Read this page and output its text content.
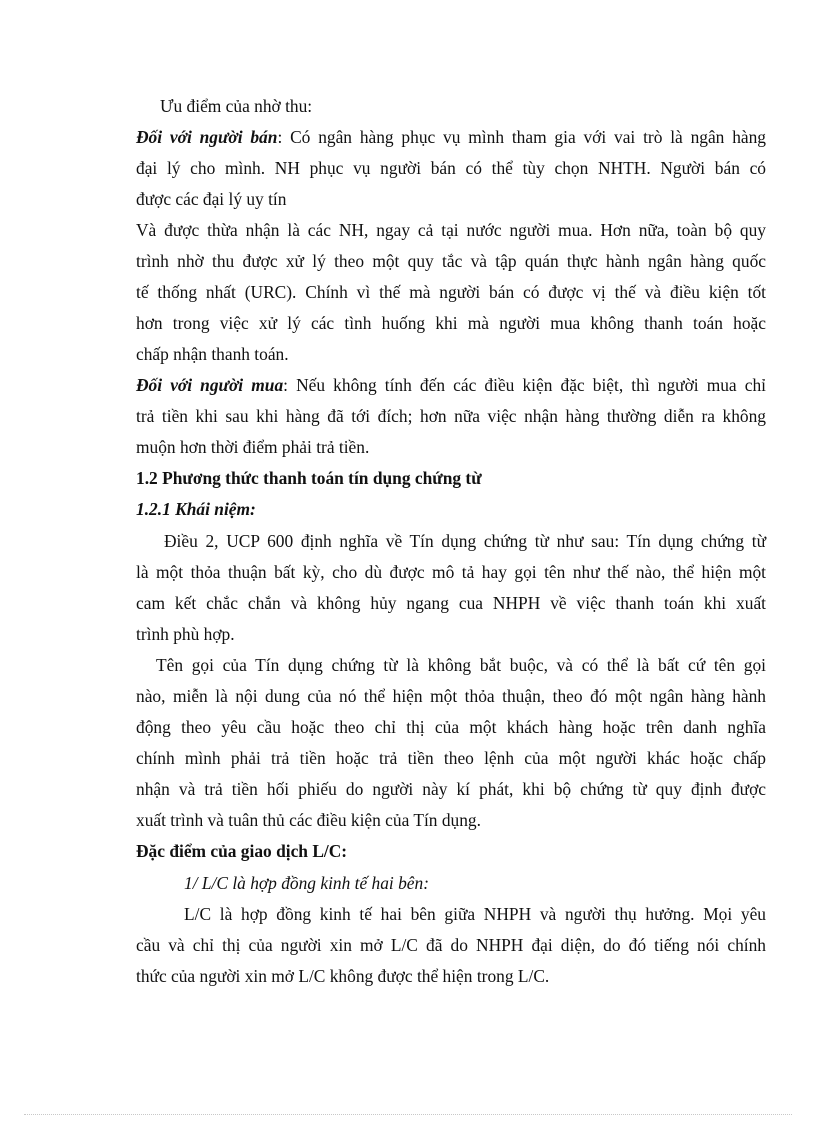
Ưu điểm của nhờ thu:

Đối với người bán: Có ngân hàng phục vụ mình tham gia với vai trò là ngân hàng

đại lý cho mình. NH phục vụ người bán có thể tùy chọn NHTH. Người bán có

được các đại lý uy tín

Và được thừa nhận là các NH, ngay cả tại nước người mua. Hơn nữa, toàn bộ quy

trình nhờ thu được xử lý theo một quy tắc và tập quán thực hành ngân hàng quốc

tế thống nhất (URC). Chính vì thế mà người bán có được vị thế và điều kiện tốt

hơn trong việc xử lý các tình huống khi mà người mua không thanh toán hoặc

chấp nhận thanh toán.

Đối với người mua: Nếu không tính đến các điều kiện đặc biệt, thì người mua chỉ

trả tiền khi sau khi hàng đã tới đích; hơn nữa việc nhận hàng thường diễn ra không

muộn hơn thời điểm phải trả tiền.

1.2 Phương thức thanh toán tín dụng chứng từ

1.2.1 Khái niệm:

Điều 2, UCP 600 định nghĩa về Tín dụng chứng từ như sau: Tín dụng chứng từ

là một thỏa thuận bất kỳ, cho dù được mô tả hay gọi tên như thế nào, thể hiện một

cam kết chắc chắn và không hủy ngang cua NHPH về việc thanh toán khi xuất

trình phù hợp.

Tên gọi của Tín dụng chứng từ là không bắt buộc, và có thể là bất cứ tên gọi

nào, miễn là nội dung của nó thể hiện một thỏa thuận, theo đó một ngân hàng hành

động theo yêu cầu hoặc theo chỉ thị của một khách hàng hoặc trên danh nghĩa

chính mình phải trả tiền hoặc trả tiền theo lệnh của một người khác hoặc chấp

nhận và trả tiền hối phiếu do người này kí phát, khi bộ chứng từ quy định được

xuất trình và tuân thủ các điều kiện của Tín dụng.

Đặc điểm của giao dịch L/C:

1/ L/C là hợp đồng kinh tế hai bên:

L/C là hợp đồng kinh tế hai bên giữa NHPH và người thụ hưởng. Mọi yêu

cầu và chỉ thị của người xin mở L/C đã do NHPH đại diện, do đó tiếng nói chính

thức của người xin mở L/C không được thể hiện trong L/C.
